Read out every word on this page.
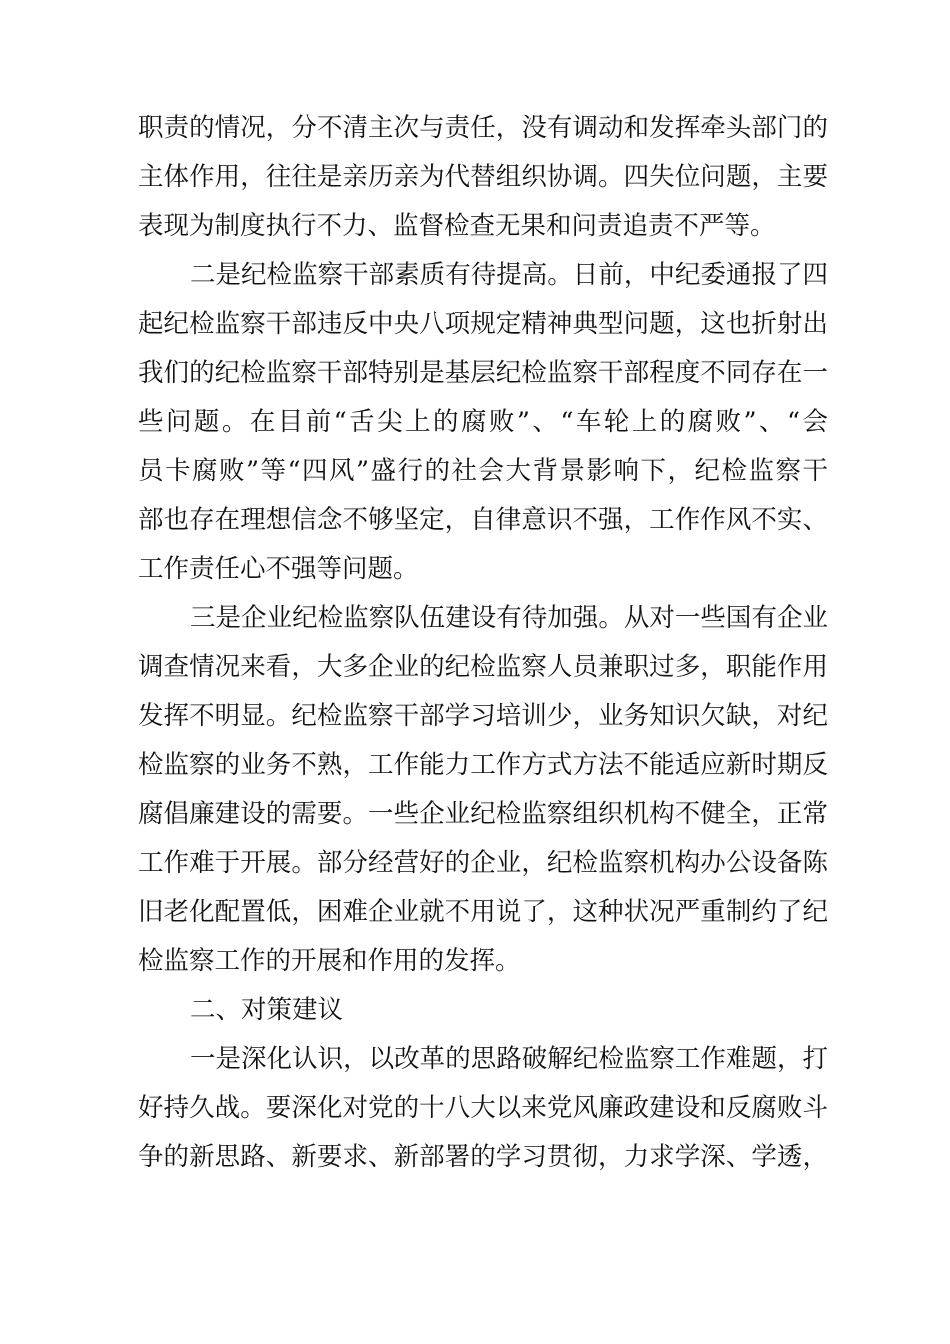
职责的情况，分不清主次与责任，没有调动和发挥牵头部门的
主体作用，往往是亲历亲为代替组织协调。四失位问题，主要
表现为制度执行不力、监督检查无果和问责追责不严等。
二是纪检监察干部素质有待提高。日前，中纪委通报了四
起纪检监察干部违反中央八项规定精神典型问题，这也折射出
我们的纪检监察干部特别是基层纪检监察干部程度不同存在一
些问题。在目前“舌尖上的腐败”、“车轮上的腐败”、“会
员卡腐败”等“四风”盛行的社会大背景影响下，纪检监察干
部也存在理想信念不够坚定，自律意识不强，工作作风不实、
工作责任心不强等问题。
三是企业纪检监察队伍建设有待加强。从对一些国有企业
调查情况来看，大多企业的纪检监察人员兼职过多，职能作用
发挥不明显。纪检监察干部学习培训少，业务知识欠缺，对纪
检监察的业务不熟，工作能力工作方式方法不能适应新时期反
腐倡廉建设的需要。一些企业纪检监察组织机构不健全，正常
工作难于开展。部分经营好的企业，纪检监察机构办公设备陈
旧老化配置低，困难企业就不用说了，这种状况严重制约了纪
检监察工作的开展和作用的发挥。
二、对策建议
一是深化认识，以改革的思路破解纪检监察工作难题，打
好持久战。要深化对党的十八大以来党风廉政建设和反腐败斗
争的新思路、新要求、新部署的学习贯彻，力求学深、学透，
